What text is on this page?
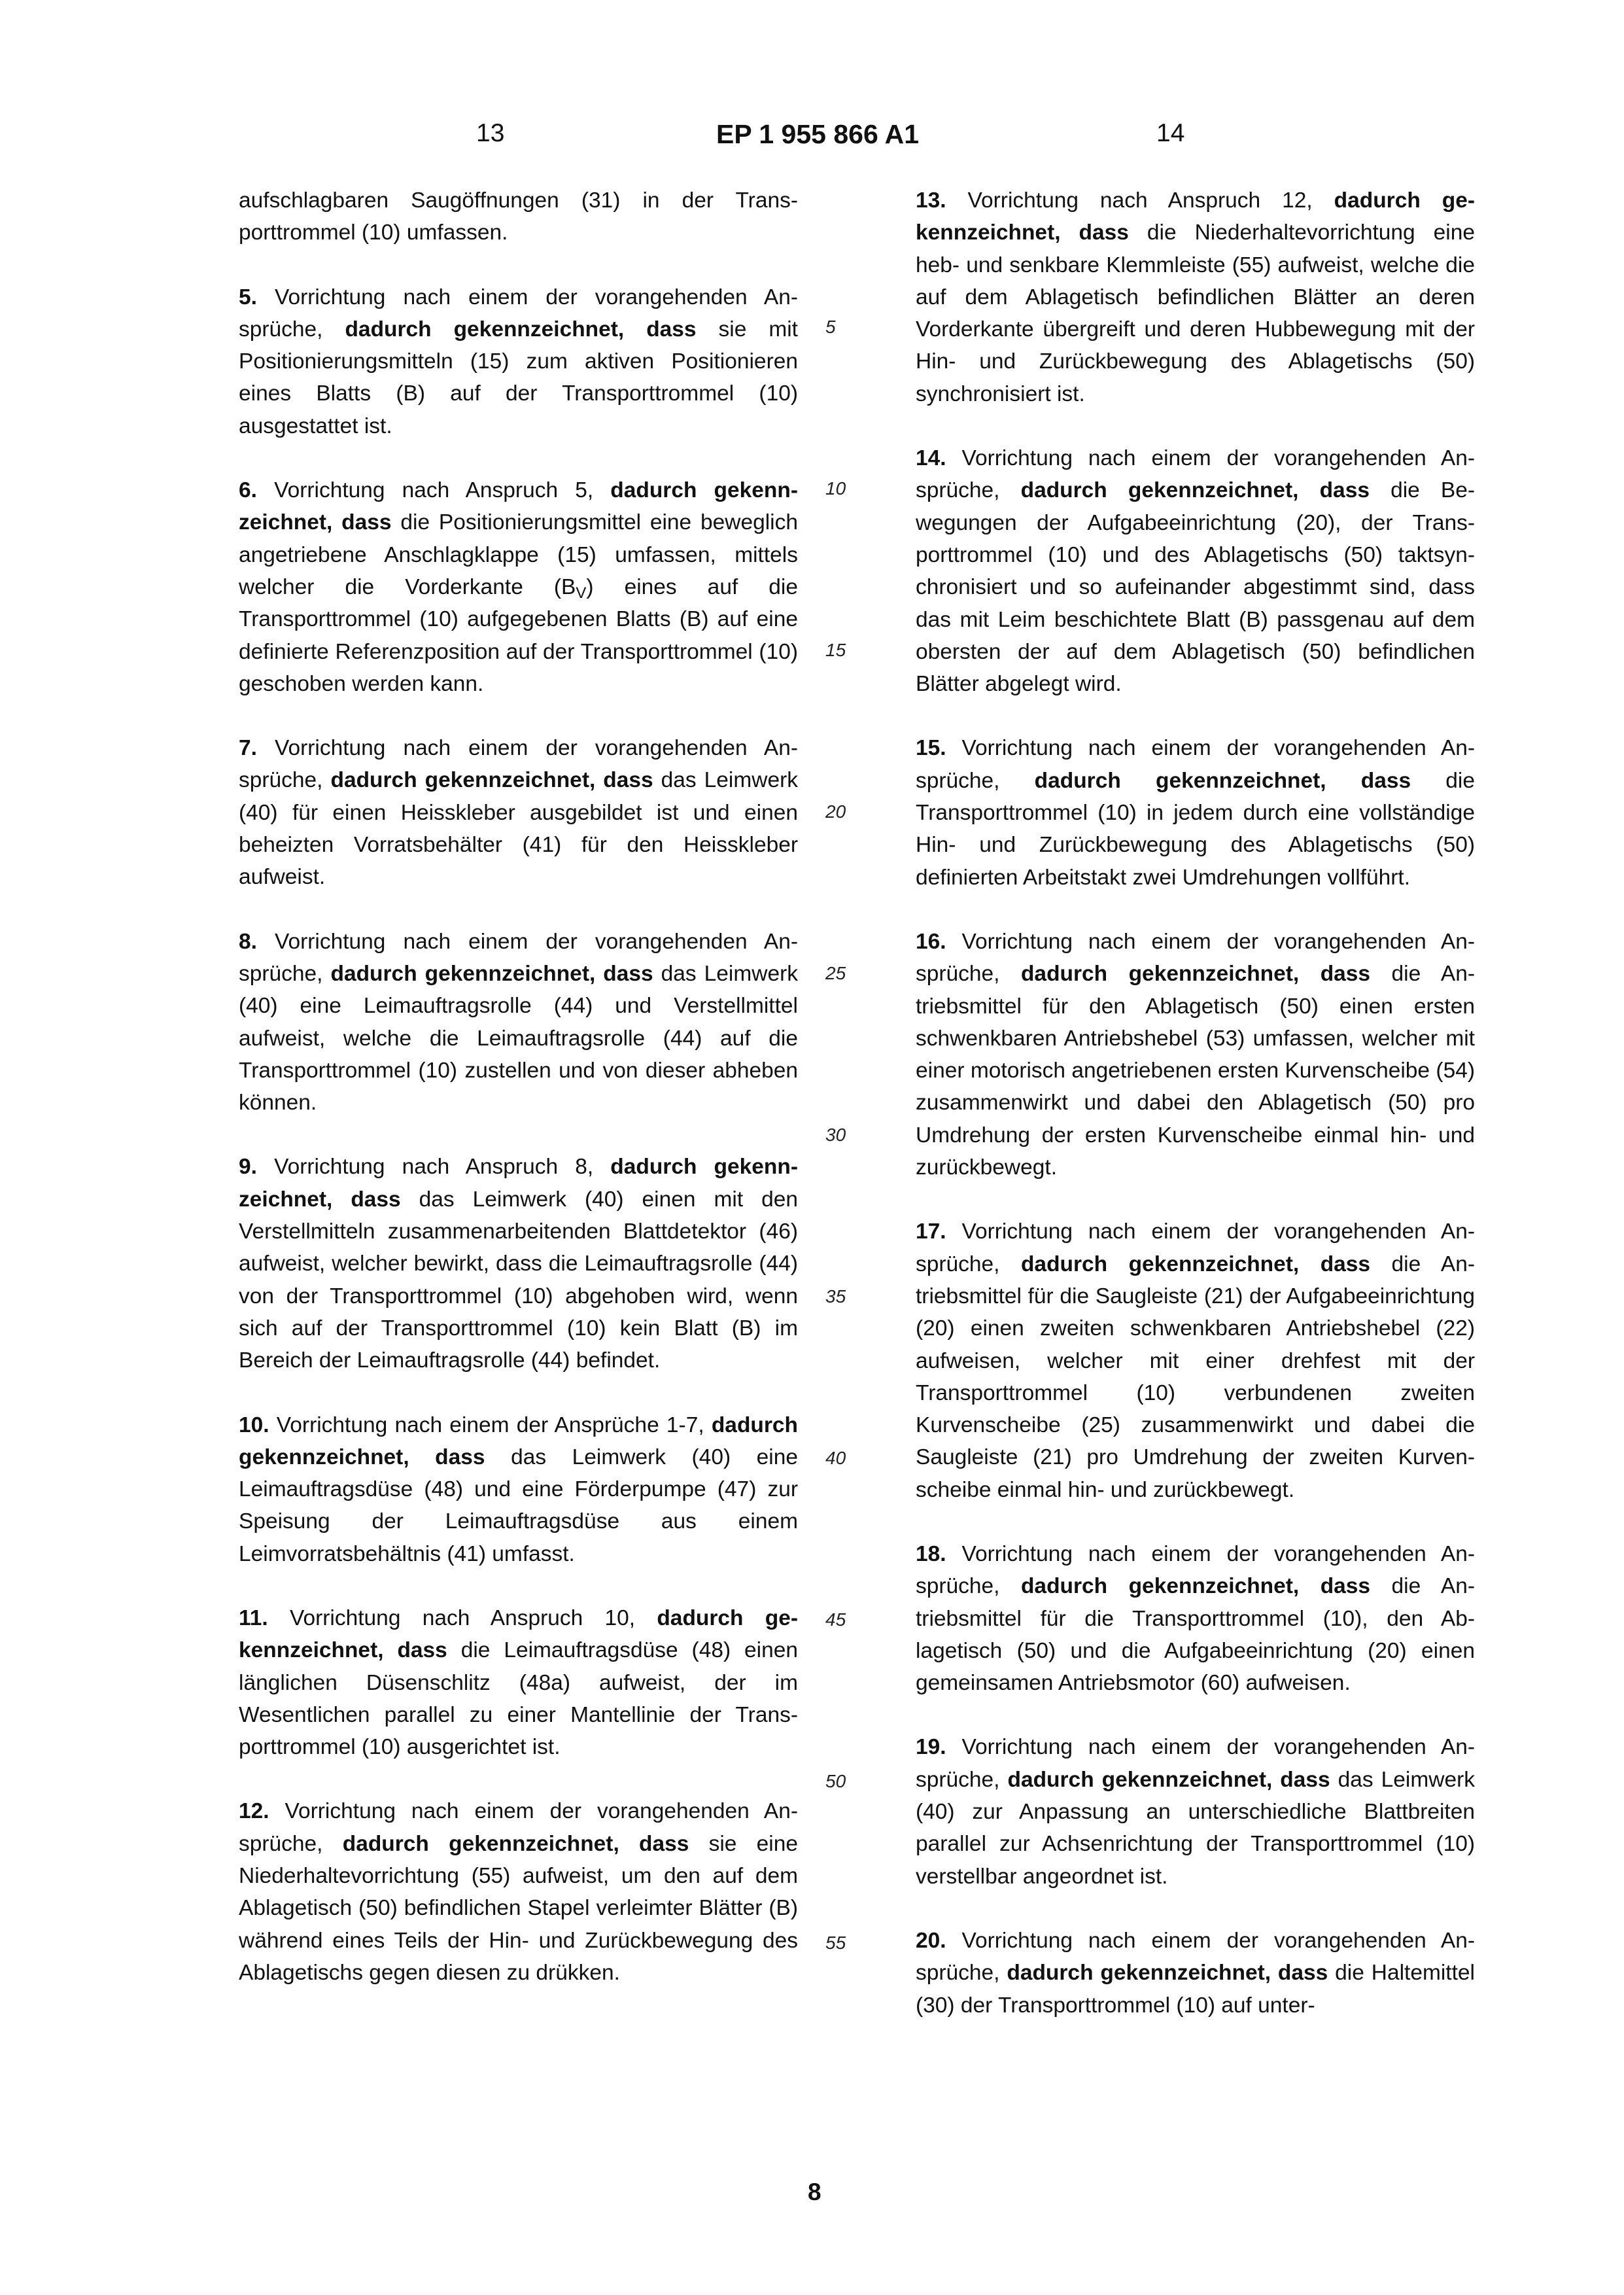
13	EP 1 955 866 A1	14

aufschlagbaren Saugöffnungen (31) in der Transporttrommel (10) umfassen.

5. Vorrichtung nach einem der vorangehenden Ansprüche, dadurch gekennzeichnet, dass sie mit Positionierungsmitteln (15) zum aktiven Positionieren eines Blatts (B) auf der Transporttrommel (10) ausgestattet ist.

6. Vorrichtung nach Anspruch 5, dadurch gekennzeichnet, dass die Positionierungsmittel eine beweglich angetriebene Anschlagklappe (15) umfassen, mittels welcher die Vorderkante $(B_V)$ eines auf die Transporttrommel (10) aufgegebenen Blatts (B) auf eine definierte Referenzposition auf der Transporttrommel (10) geschoben werden kann.

7. Vorrichtung nach einem der vorangehenden Ansprüche, dadurch gekennzeichnet, dass das Leimwerk (40) für einen Heisskleber ausgebildet ist und einen beheizten Vorratsbehälter (41) für den Heisskleber aufweist.

8. Vorrichtung nach einem der vorangehenden Ansprüche, dadurch gekennzeichnet, dass das Leimwerk (40) eine Leimauftragsrolle (44) und Verstellmittel aufweist, welche die Leimauftragsrolle (44) auf die Transporttrommel (10) zustellen und von dieser abheben können.

9. Vorrichtung nach Anspruch 8, dadurch gekennzeichnet, dass das Leimwerk (40) einen mit den Verstellmitteln zusammenarbeitenden Blattdetektor (46) aufweist, welcher bewirkt, dass die Leimauftragsrolle (44) von der Transporttrommel (10) abgehoben wird, wenn sich auf der Transporttrommel (10) kein Blatt (B) im Bereich der Leimauftragsrolle (44) befindet.

10. Vorrichtung nach einem der Ansprüche 1-7, dadurch gekennzeichnet, dass das Leimwerk (40) eine Leimauftragsdüse (48) und eine Förderpumpe (47) zur Speisung der Leimauftragsdüse aus einem Leimvorratsbehältnis (41) umfasst.

11. Vorrichtung nach Anspruch 10, dadurch gekennzeichnet, dass die Leimauftragsdüse (48) einen länglichen Düsenschlitz (48a) aufweist, der im Wesentlichen parallel zu einer Mantellinie der Transporttrommel (10) ausgerichtet ist.

12. Vorrichtung nach einem der vorangehenden Ansprüche, dadurch gekennzeichnet, dass sie eine Niederhaltevorrichtung (55) aufweist, um den auf dem Ablagetisch (50) befindlichen Stapel verleimter Blätter (B) während eines Teils der Hin- und Zurückbewegung des Ablagetischs gegen diesen zu drükken.

5
10
15
20
25
30
35
40
45
50
55

13. Vorrichtung nach Anspruch 12, dadurch gekennzeichnet, dass die Niederhaltevorrichtung eine heb- und senkbare Klemmleiste (55) aufweist, welche die auf dem Ablagetisch befindlichen Blätter an deren Vorderkante übergreift und deren Hubbewegung mit der Hin- und Zurückbewegung des Ablagetischs (50) synchronisiert ist.

14. Vorrichtung nach einem der vorangehenden Ansprüche, dadurch gekennzeichnet, dass die Bewegungen der Aufgabeeinrichtung (20), der Transporttrommel (10) und des Ablagetischs (50) taktsynchronisiert und so aufeinander abgestimmt sind, dass das mit Leim beschichtete Blatt (B) passgenau auf dem obersten der auf dem Ablagetisch (50) befindlichen Blätter abgelegt wird.

15. Vorrichtung nach einem der vorangehenden Ansprüche, dadurch gekennzeichnet, dass die Transporttrommel (10) in jedem durch eine vollständige Hin- und Zurückbewegung des Ablagetischs (50) definierten Arbeitstakt zwei Umdrehungen vollführt.

16. Vorrichtung nach einem der vorangehenden Ansprüche, dadurch gekennzeichnet, dass die Antriebsmittel für den Ablagetisch (50) einen ersten schwenkbaren Antriebshebel (53) umfassen, welcher mit einer motorisch angetriebenen ersten Kurvenscheibe (54) zusammenwirkt und dabei den Ablagetisch (50) pro Umdrehung der ersten Kurvenscheibe einmal hin- und zurückbewegt.

17. Vorrichtung nach einem der vorangehenden Ansprüche, dadurch gekennzeichnet, dass die Antriebsmittel für die Saugleiste (21) der Aufgabeeinrichtung (20) einen zweiten schwenkbaren Antriebshebel (22) aufweisen, welcher mit einer drehfest mit der Transporttrommel (10) verbundenen zweiten Kurvenscheibe (25) zusammenwirkt und dabei die Saugleiste (21) pro Umdrehung der zweiten Kurvenscheibe einmal hin- und zurückbewegt.

18. Vorrichtung nach einem der vorangehenden Ansprüche, dadurch gekennzeichnet, dass die Antriebsmittel für die Transporttrommel (10), den Ablagetisch (50) und die Aufgabeeinrichtung (20) einen gemeinsamen Antriebsmotor (60) aufweisen.

19. Vorrichtung nach einem der vorangehenden Ansprüche, dadurch gekennzeichnet, dass das Leimwerk (40) zur Anpassung an unterschiedliche Blattbreiten parallel zur Achsenrichtung der Transporttrommel (10) verstellbar angeordnet ist.

20. Vorrichtung nach einem der vorangehenden Ansprüche, dadurch gekennzeichnet, dass die Haltemittel (30) der Transporttrommel (10) auf unter-

8
